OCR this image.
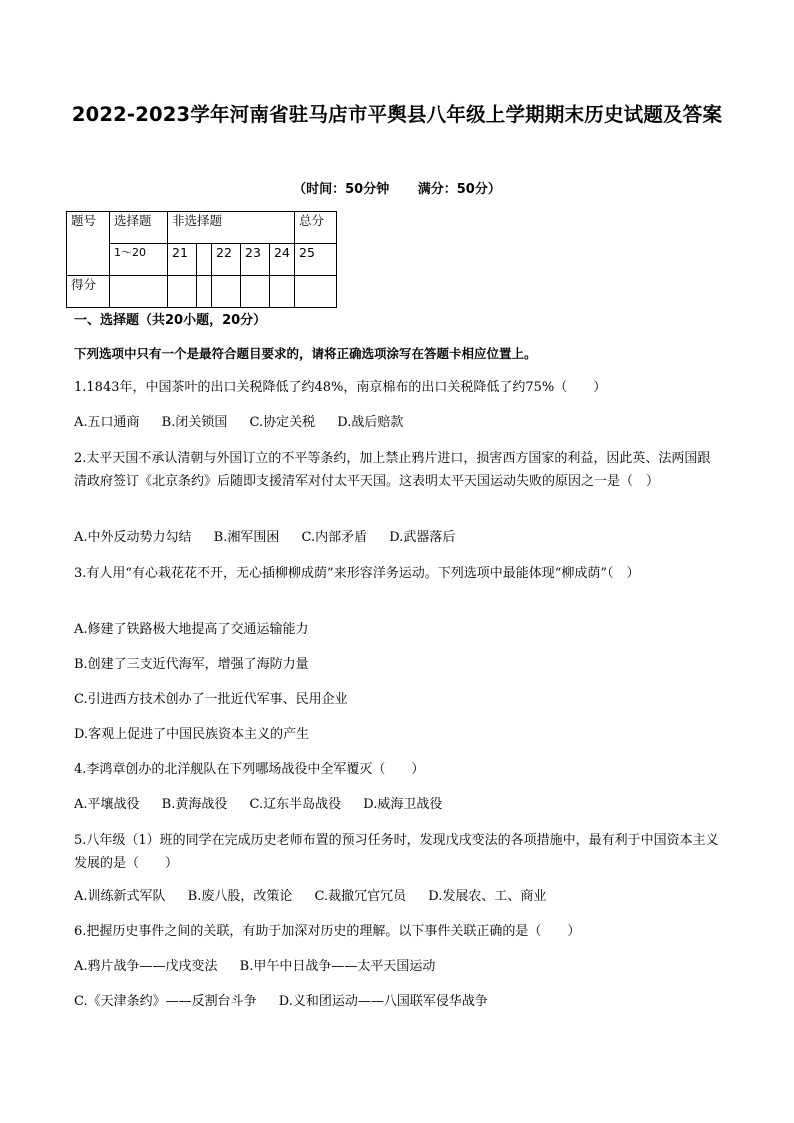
2022-2023学年河南省驻马店市平舆县八年级上学期期末历史试题及答案
（时间：50分钟 满分：50分）
题号	选择题	非选择题					总分
	1～20	21		22	23	24	25
得分							
一、选择题（共20小题，20分）
下列选项中只有一个是最符合题目要求的，请将正确选项涂写在答题卡相应位置上。
1.1843年，中国茶叶的出口关税降低了约48%，南京棉布的出口关税降低了约75%（　　）
A.五口通商 B.闭关锁国 C.协定关税 D.战后赔款
2.太平天国不承认清朝与外国订立的不平等条约，加上禁止鸦片进口，损害西方国家的利益，因此英、法两国跟清政府签订《北京条约》后随即支援清军对付太平天国。这表明太平天国运动失败的原因之一是（　）
A.中外反动势力勾结 B.湘军围困 C.内部矛盾 D.武器落后
3.有人用“有心栽花花不开，无心插柳柳成荫”来形容洋务运动。下列选项中最能体现“柳成荫”（　）
A.修建了铁路极大地提高了交通运输能力
B.创建了三支近代海军，增强了海防力量
C.引进西方技术创办了一批近代军事、民用企业
D.客观上促进了中国民族资本主义的产生
4.李鸿章创办的北洋舰队在下列哪场战役中全军覆灭（　　）
A.平壤战役 B.黄海战役 C.辽东半岛战役 D.威海卫战役
5.八年级（1）班的同学在完成历史老师布置的预习任务时，发现戊戌变法的各项措施中，最有利于中国资本主义发展的是（　　）
A.训练新式军队 B.废八股，改策论 C.裁撤冗官冗员 D.发展农、工、商业
6.把握历史事件之间的关联，有助于加深对历史的理解。以下事件关联正确的是（　　）
A.鸦片战争——戊戌变法 B.甲午中日战争——太平天国运动
C.《天津条约》——反割台斗争 D.义和团运动——八国联军侵华战争
